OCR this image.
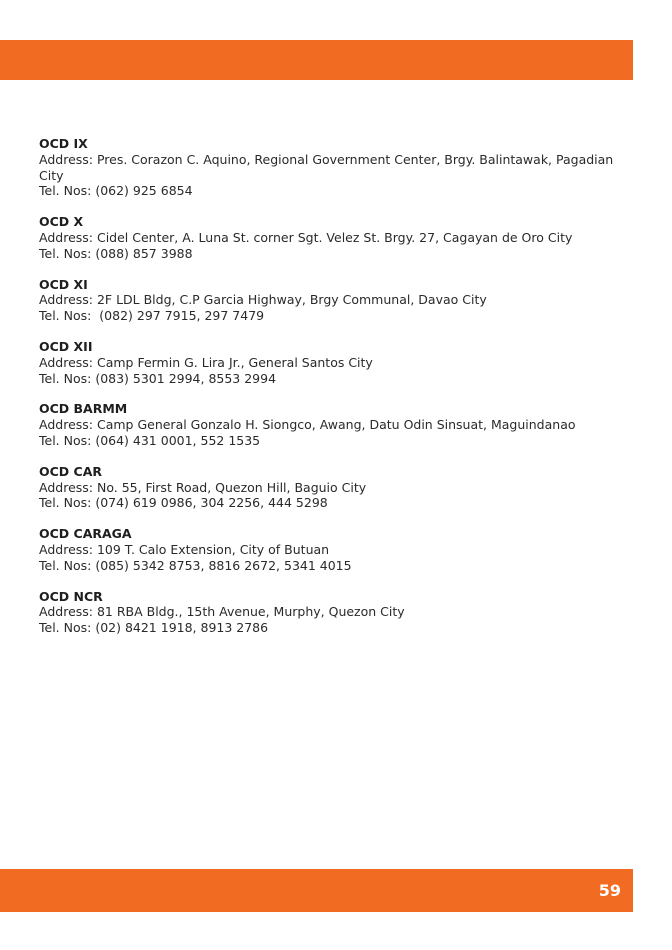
OCD IX
Address: Pres. Corazon C. Aquino, Regional Government Center, Brgy. Balintawak, Pagadian City
Tel. Nos: (062) 925 6854
OCD X
Address: Cidel Center, A. Luna St. corner Sgt. Velez St. Brgy. 27, Cagayan de Oro City
Tel. Nos: (088) 857 3988
OCD XI
Address: 2F LDL Bldg, C.P Garcia Highway, Brgy Communal, Davao City
Tel. Nos:  (082) 297 7915, 297 7479
OCD XII
Address: Camp Fermin G. Lira Jr., General Santos City
Tel. Nos: (083) 5301 2994, 8553 2994
OCD BARMM
Address: Camp General Gonzalo H. Siongco, Awang, Datu Odin Sinsuat, Maguindanao
Tel. Nos: (064) 431 0001, 552 1535
OCD CAR
Address: No. 55, First Road, Quezon Hill, Baguio City
Tel. Nos: (074) 619 0986, 304 2256, 444 5298
OCD CARAGA
Address: 109 T. Calo Extension, City of Butuan
Tel. Nos: (085) 5342 8753, 8816 2672, 5341 4015
OCD NCR
Address: 81 RBA Bldg., 15th Avenue, Murphy, Quezon City
Tel. Nos: (02) 8421 1918, 8913 2786
59
